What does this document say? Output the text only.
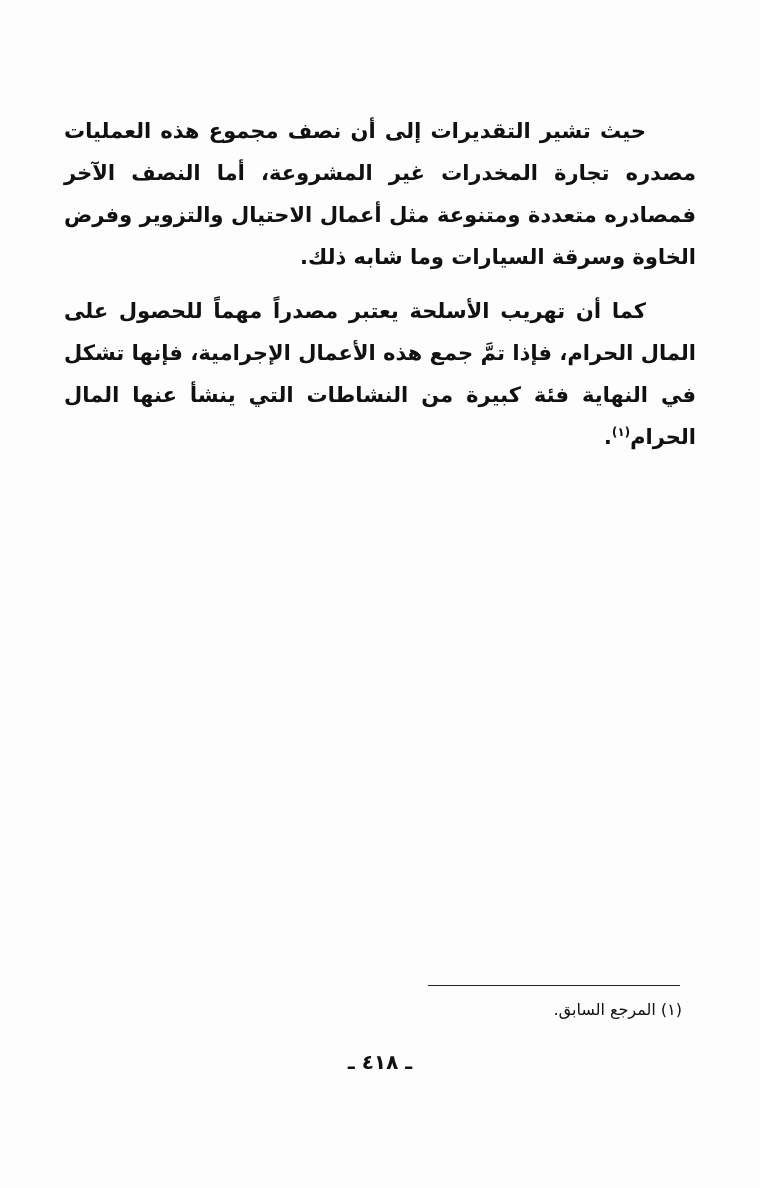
حيث تشير التقديرات إلى أن نصف مجموع هذه العمليات مصدره تجارة المخدرات غير المشروعة، أما النصف الآخر فمصادره متعددة ومتنوعة مثل أعمال الاحتيال والتزوير وفرض الخاوة وسرقة السيارات وما شابه ذلك.

كما أن تهريب الأسلحة يعتبر مصدراً مهماً للحصول على المال الحرام، فإذا تمَّ جمع هذه الأعمال الإجرامية، فإنها تشكل في النهاية فئة كبيرة من النشاطات التي ينشأ عنها المال الحرام$^{(١)}$.

(١) المرجع السابق.
ـ ٤١٨ ـ
